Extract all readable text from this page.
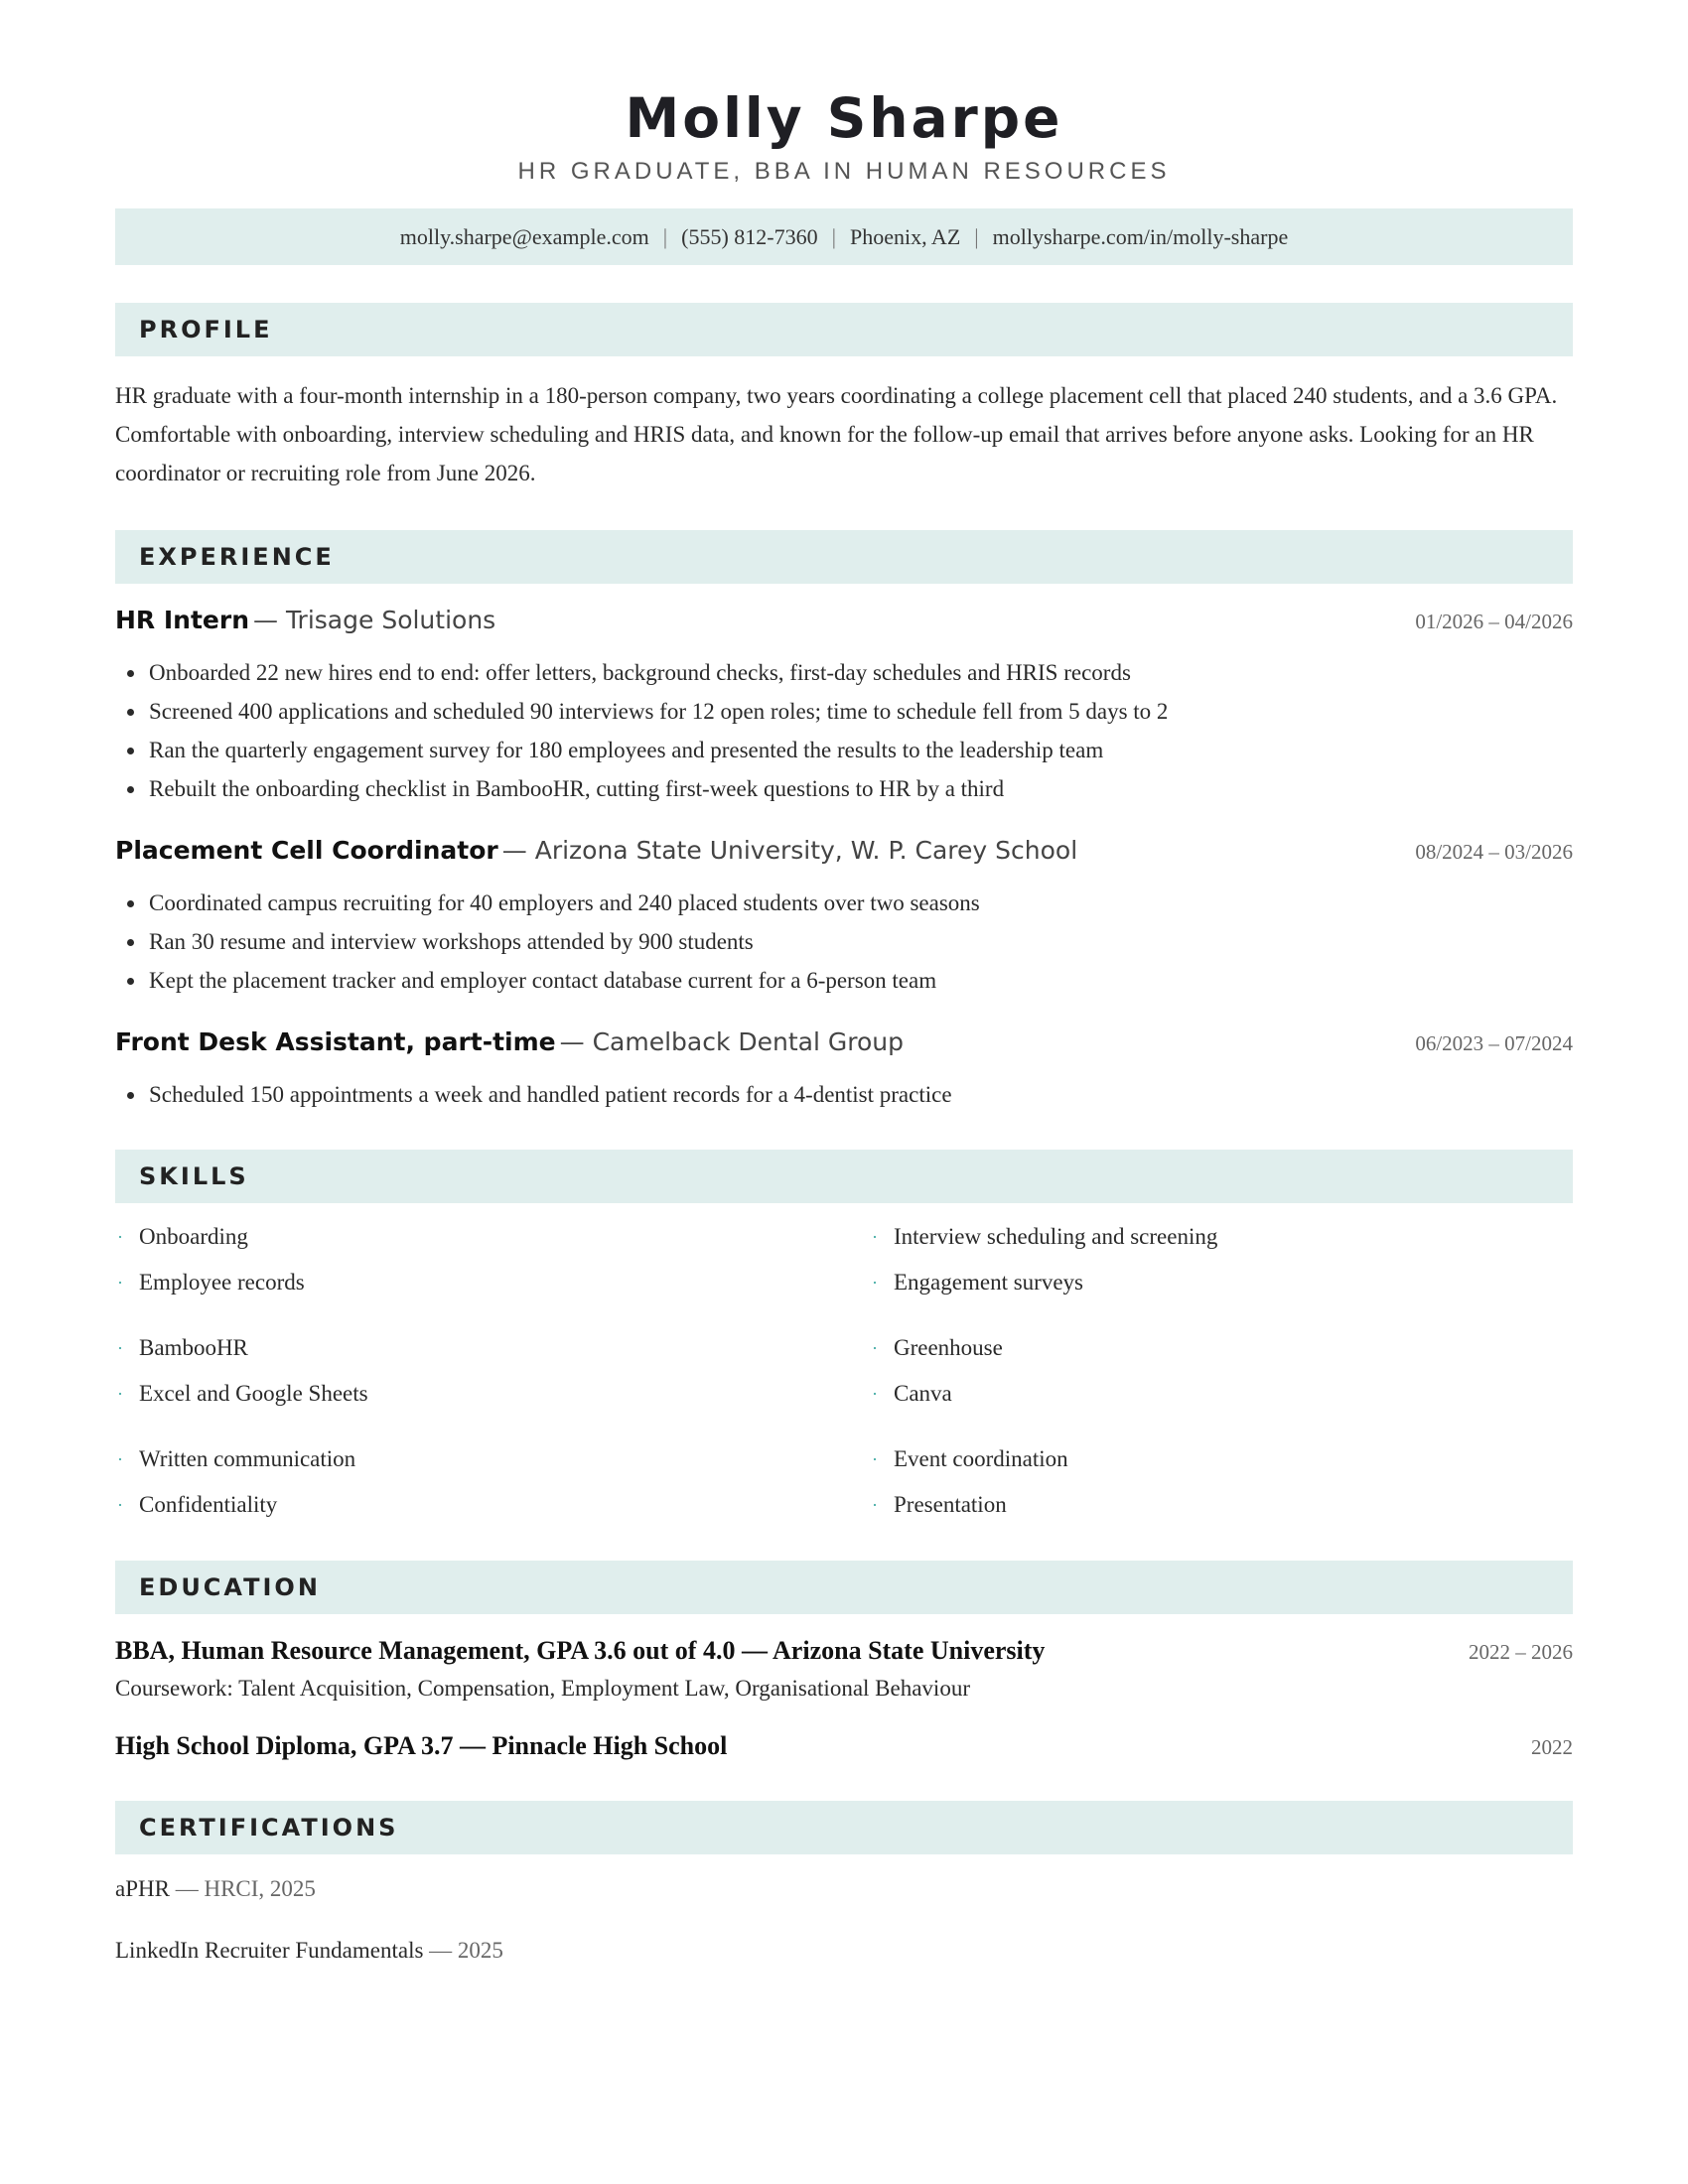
Molly Sharpe
HR GRADUATE, BBA IN HUMAN RESOURCES
molly.sharpe@example.com | (555) 812-7360 | Phoenix, AZ | mollysharpe.com/in/molly-sharpe
PROFILE
HR graduate with a four-month internship in a 180-person company, two years coordinating a college placement cell that placed 240 students, and a 3.6 GPA. Comfortable with onboarding, interview scheduling and HRIS data, and known for the follow-up email that arrives before anyone asks. Looking for an HR coordinator or recruiting role from June 2026.
EXPERIENCE
HR Intern — Trisage Solutions	01/2026 – 04/2026
• Onboarded 22 new hires end to end: offer letters, background checks, first-day schedules and HRIS records
• Screened 400 applications and scheduled 90 interviews for 12 open roles; time to schedule fell from 5 days to 2
• Ran the quarterly engagement survey for 180 employees and presented the results to the leadership team
• Rebuilt the onboarding checklist in BambooHR, cutting first-week questions to HR by a third
Placement Cell Coordinator — Arizona State University, W. P. Carey School	08/2024 – 03/2026
• Coordinated campus recruiting for 40 employers and 240 placed students over two seasons
• Ran 30 resume and interview workshops attended by 900 students
• Kept the placement tracker and employer contact database current for a 6-person team
Front Desk Assistant, part-time — Camelback Dental Group	06/2023 – 07/2024
• Scheduled 150 appointments a week and handled patient records for a 4-dentist practice
SKILLS
· Onboarding	· Interview scheduling and screening
· Employee records	· Engagement surveys
· BambooHR	· Greenhouse
· Excel and Google Sheets	· Canva
· Written communication	· Event coordination
· Confidentiality	· Presentation
EDUCATION
BBA, Human Resource Management, GPA 3.6 out of 4.0 — Arizona State University	2022 – 2026
Coursework: Talent Acquisition, Compensation, Employment Law, Organisational Behaviour
High School Diploma, GPA 3.7 — Pinnacle High School	2022
CERTIFICATIONS
aPHR — HRCI, 2025
LinkedIn Recruiter Fundamentals — 2025
